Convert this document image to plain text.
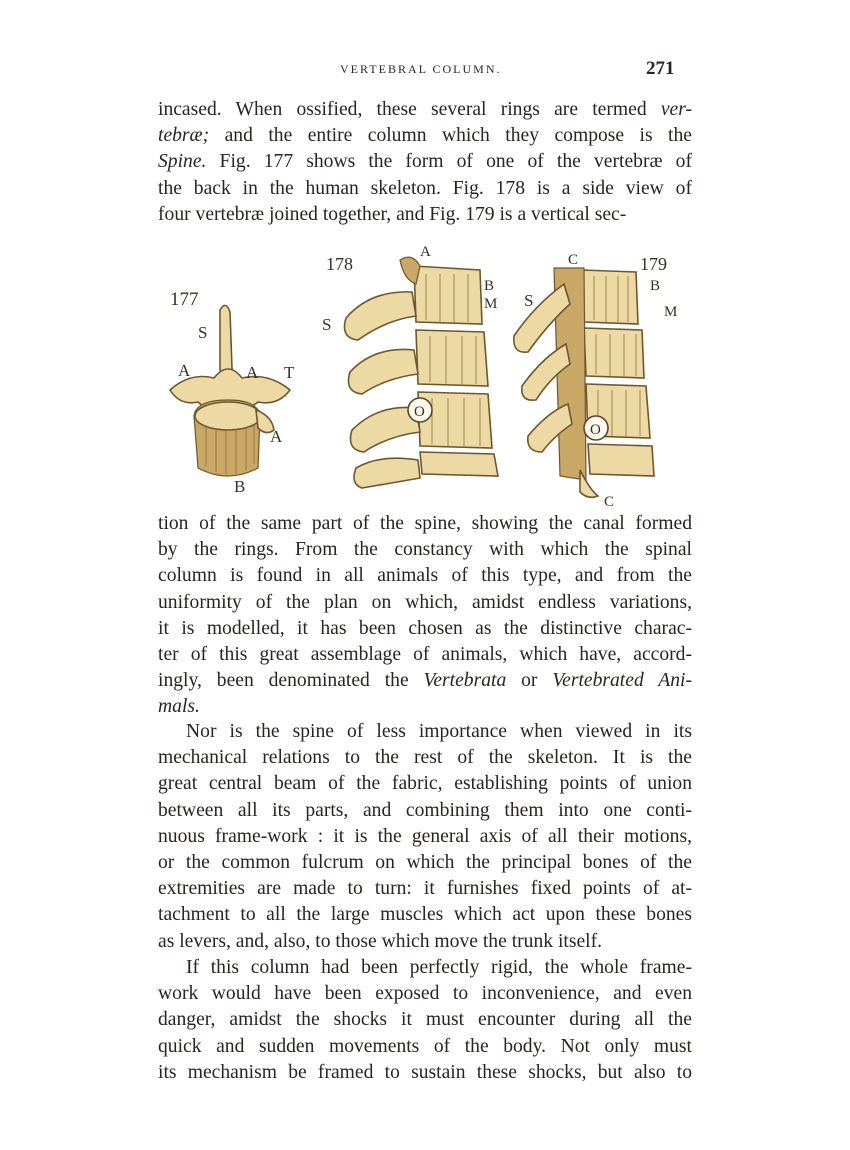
VERTEBRAL COLUMN.	271
incased. When ossified, these several rings are termed ver-
tebræ; and the entire column which they compose is the
Spine. Fig. 177 shows the form of one of the vertebræ of
the back in the human skeleton. Fig. 178 is a side view of
four vertebræ joined together, and Fig. 179 is a vertical sec-
177
S
A	A T
A
B
178
A
B
M
S
O
179
C
B
M
S
O
C
tion of the same part of the spine, showing the canal formed
by the rings. From the constancy with which the spinal
column is found in all animals of this type, and from the
uniformity of the plan on which, amidst endless variations,
it is modelled, it has been chosen as the distinctive charac-
ter of this great assemblage of animals, which have, accord-
ingly, been denominated the Vertebrata or Vertebrated Ani-
mals.
Nor is the spine of less importance when viewed in its
mechanical relations to the rest of the skeleton. It is the
great central beam of the fabric, establishing points of union
between all its parts, and combining them into one conti-
nuous frame-work : it is the general axis of all their motions,
or the common fulcrum on which the principal bones of the
extremities are made to turn: it furnishes fixed points of at-
tachment to all the large muscles which act upon these bones
as levers, and, also, to those which move the trunk itself.
If this column had been perfectly rigid, the whole frame-
work would have been exposed to inconvenience, and even
danger, amidst the shocks it must encounter during all the
quick and sudden movements of the body. Not only must
its mechanism be framed to sustain these shocks, but also to
